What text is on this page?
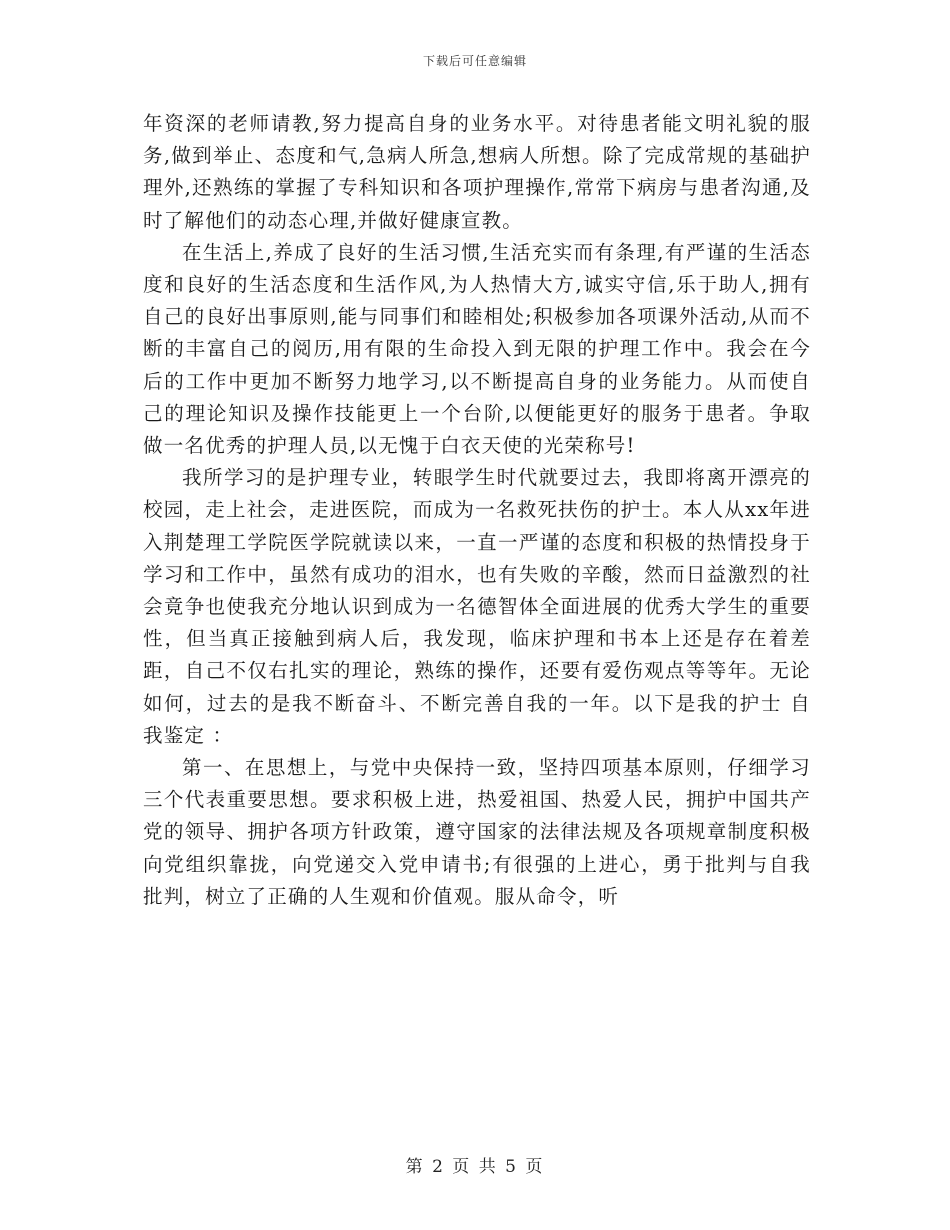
下载后可任意编辑

年资深的老师请教,努力提高自身的业务水平。对待患者能文明礼貌的服务,做到举止、态度和气,急病人所急,想病人所想。除了完成常规的基础护理外,还熟练的掌握了专科知识和各项护理操作,常常下病房与患者沟通,及时了解他们的动态心理,并做好健康宣教。

在生活上,养成了良好的生活习惯,生活充实而有条理,有严谨的生活态度和良好的生活态度和生活作风,为人热情大方,诚实守信,乐于助人,拥有自己的良好出事原则,能与同事们和睦相处;积极参加各项课外活动,从而不断的丰富自己的阅历,用有限的生命投入到无限的护理工作中。我会在今后的工作中更加不断努力地学习,以不断提高自身的业务能力。从而使自己的理论知识及操作技能更上一个台阶,以便能更好的服务于患者。争取做一名优秀的护理人员,以无愧于白衣天使的光荣称号!

我所学习的是护理专业，转眼学生时代就要过去，我即将离开漂亮的校园，走上社会，走进医院，而成为一名救死扶伤的护士。本人从xx年进入荆楚理工学院医学院就读以来，一直一严谨的态度和积极的热情投身于学习和工作中，虽然有成功的泪水，也有失败的辛酸，然而日益激烈的社会竟争也使我充分地认识到成为一名德智体全面进展的优秀大学生的重要性，但当真正接触到病人后，我发现，临床护理和书本上还是存在着差距，自己不仅右扎实的理论，熟练的操作，还要有爱伤观点等等年。无论如何，过去的是我不断奋斗、不断完善自我的一年。以下是我的护士 自我鉴定 ：

第一、在思想上，与党中央保持一致，坚持四项基本原则，仔细学习三个代表重要思想。要求积极上进，热爱祖国、热爱人民，拥护中国共产党的领导、拥护各项方针政策，遵守国家的法律法规及各项规章制度积极向党组织靠拢，向党递交入党申请书;有很强的上进心，勇于批判与自我批判，树立了正确的人生观和价值观。服从命令，听

第 2 页 共 5 页
